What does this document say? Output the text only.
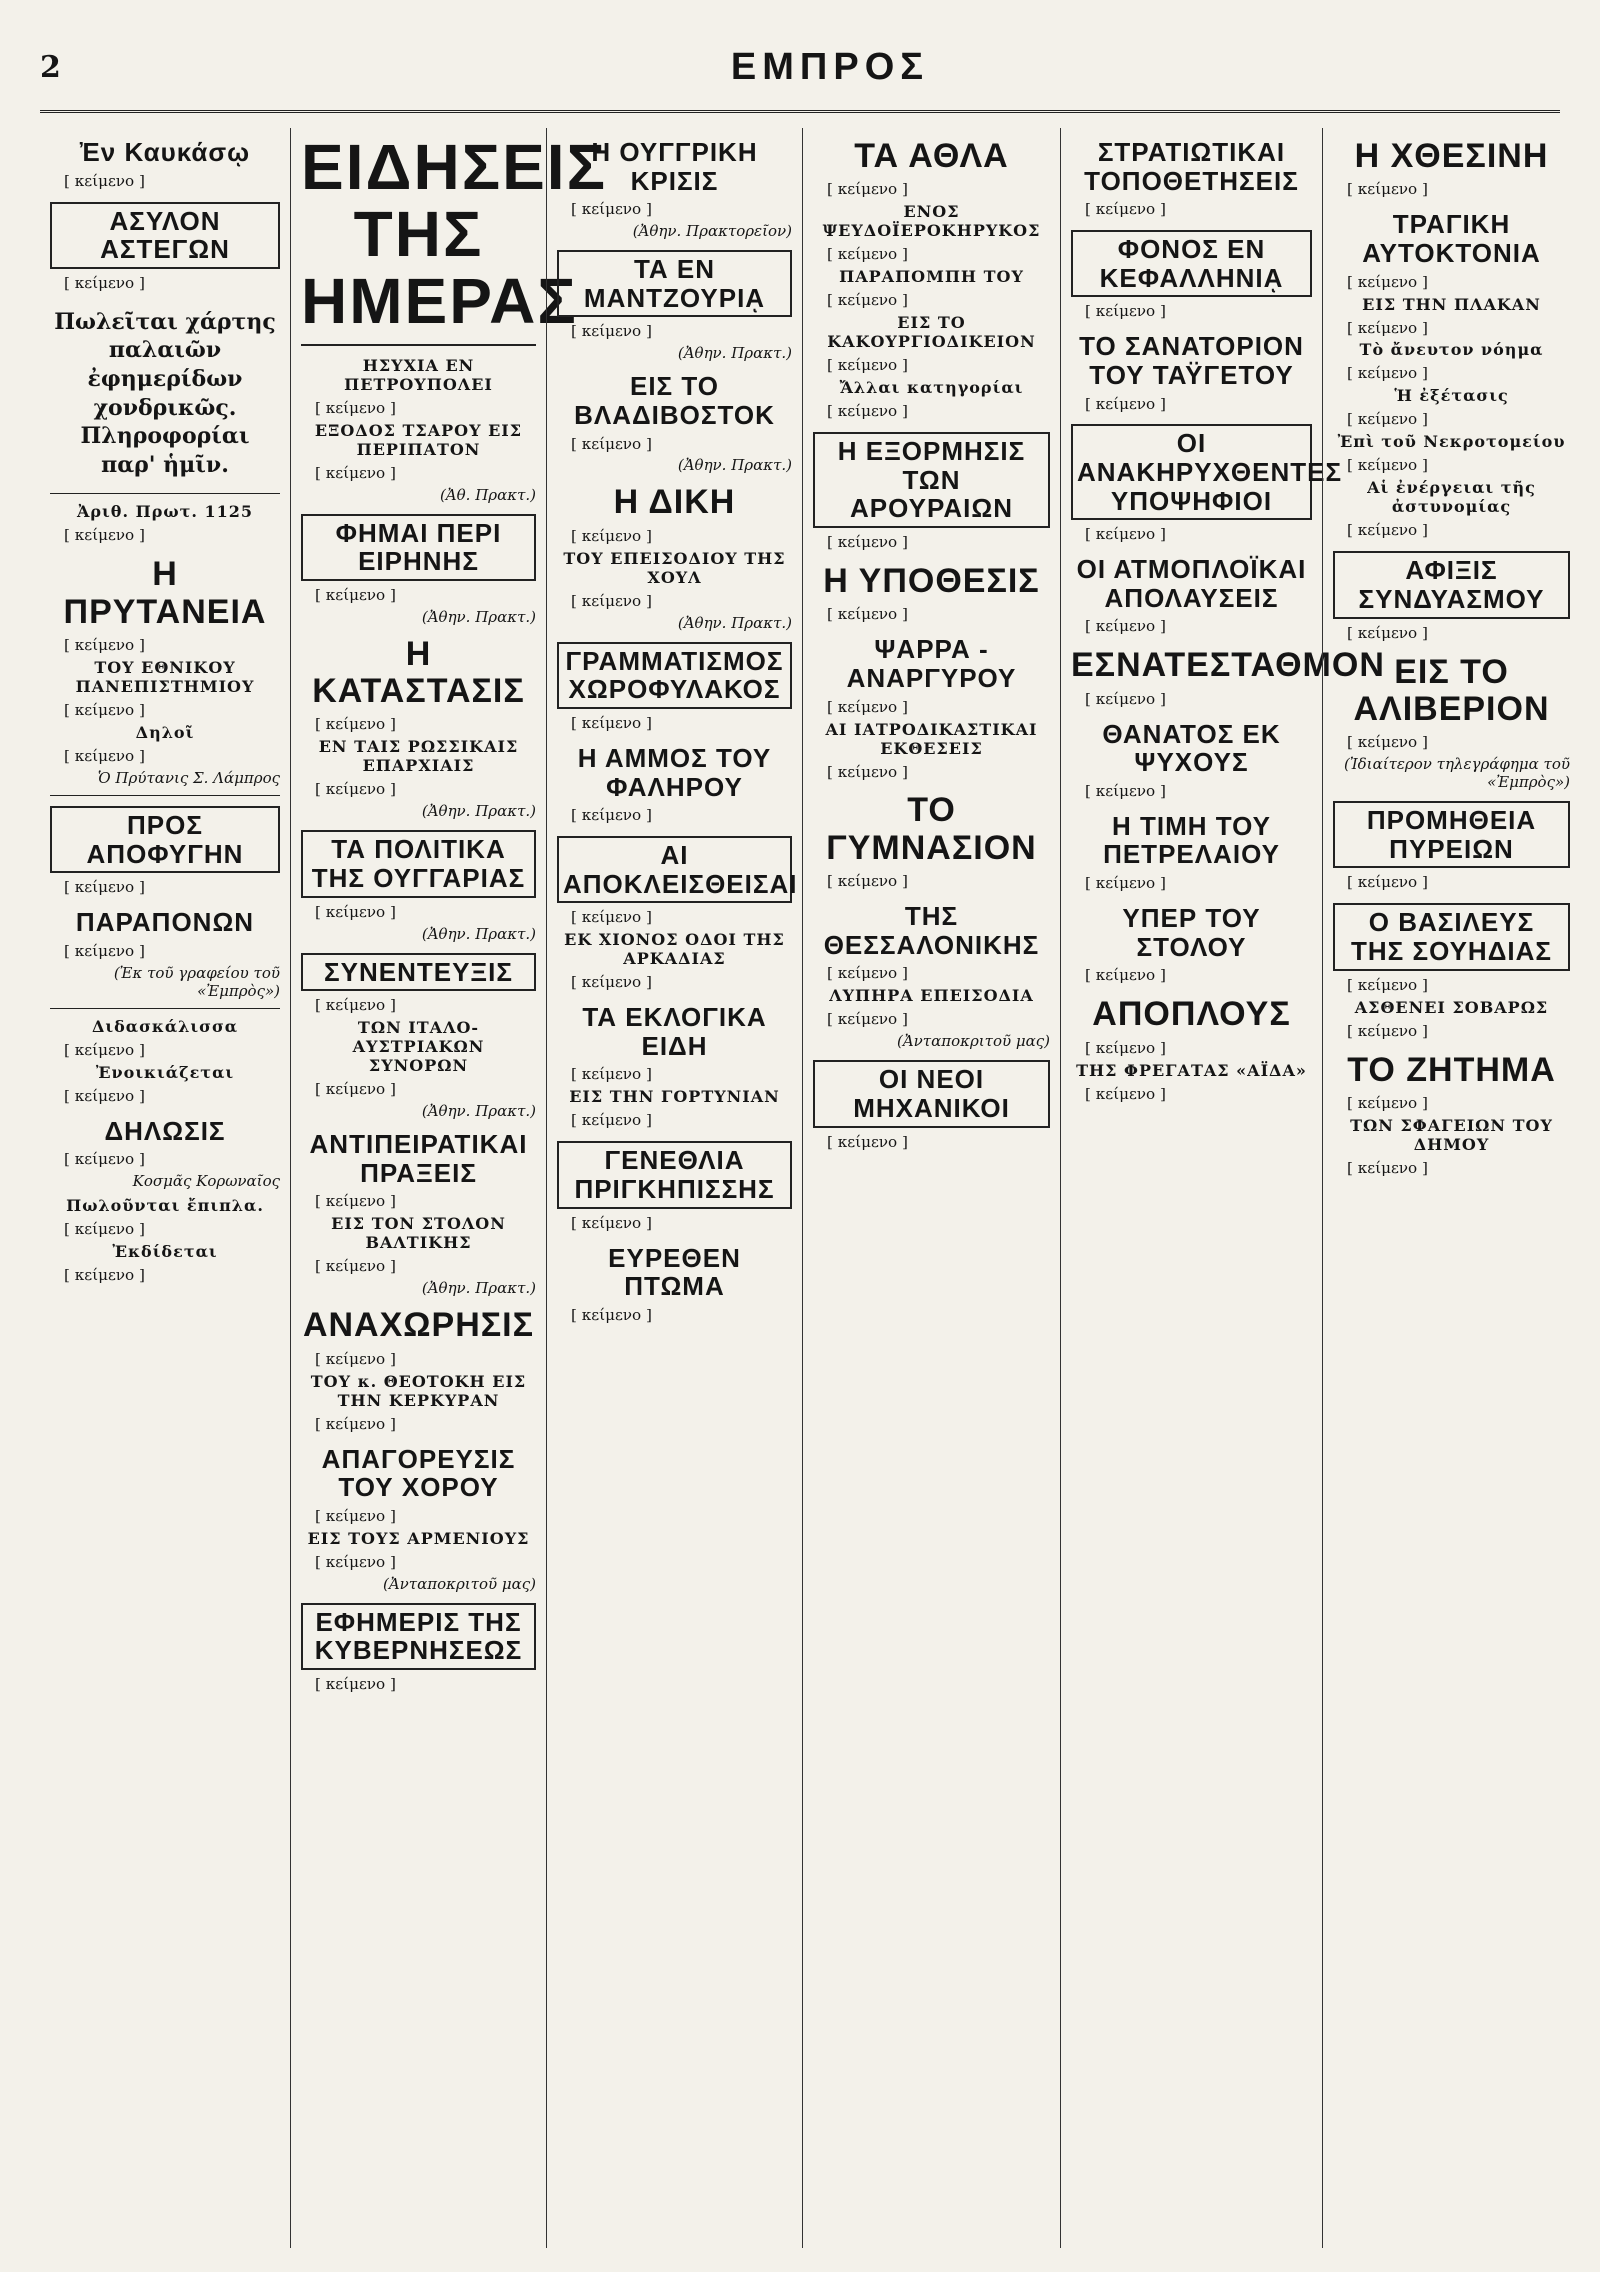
2	ΕΜΠΡΟΣ
Ἐν Καυκάσῳ
[ κείμενο ]
ΑΣΥΛΟΝ ΑΣΤΕΓΩΝ
[ κείμενο ]
Πωλεῖται χάρτης παλαιῶν ἐφημερίδων χονδρικῶς. Πληροφορίαι παρ' ἡμῖν.
Ἀριθ. Πρωτ. 1125
[ κείμενο ]
Η ΠΡΥΤΑΝΕΙΑ
[ κείμενο ]
ΤΟΥ ΕΘΝΙΚΟΥ ΠΑΝΕΠΙΣΤΗΜΙΟΥ
[ κείμενο ]
Δηλοῖ
[ κείμενο ]
Ὁ Πρύτανις Σ. Λάμπρος
ΠΡΟΣ ΑΠΟΦΥΓΗΝ
[ κείμενο ]
ΠΑΡΑΠΟΝΩΝ
[ κείμενο ]
(Ἐκ τοῦ γραφείου τοῦ «Ἐμπρὸς»)
Διδασκάλισσα
[ κείμενο ]
Ἐνοικιάζεται
[ κείμενο ]
ΔΗΛΩΣΙΣ
[ κείμενο ]
Κοσμᾶς Κορωναῖος
Πωλοῦνται ἔπιπλα.
[ κείμενο ]
Ἐκδίδεται
[ κείμενο ]
ΕΙΔΗΣΕΙΣ ΤΗΣ ΗΜΕΡΑΣ
ΗΣΥΧΙΑ ΕΝ ΠΕΤΡΟΥΠΟΛΕΙ
[ κείμενο ]
ΕΞΟΔΟΣ ΤΣΑΡΟΥ ΕΙΣ ΠΕΡΙΠΑΤΟΝ
[ κείμενο ]
(Ἀθ. Πρακτ.)
ΦΗΜΑΙ ΠΕΡΙ ΕΙΡΗΝΗΣ
[ κείμενο ]
(Ἀθην. Πρακτ.)
Η ΚΑΤΑΣΤΑΣΙΣ
[ κείμενο ]
ΕΝ ΤΑΙΣ ΡΩΣΣΙΚΑΙΣ ΕΠΑΡΧΙΑΙΣ
[ κείμενο ]
(Ἀθην. Πρακτ.)
ΤΑ ΠΟΛΙΤΙΚΑ ΤΗΣ ΟΥΓΓΑΡΙΑΣ
[ κείμενο ]
(Ἀθην. Πρακτ.)
ΣΥΝΕΝΤΕΥΞΙΣ
[ κείμενο ]
ΤΩΝ ΙΤΑΛΟ-ΑΥΣΤΡΙΑΚΩΝ ΣΥΝΟΡΩΝ
[ κείμενο ]
(Ἀθην. Πρακτ.)
ΑΝΤΙΠΕΙΡΑΤΙΚΑΙ ΠΡΑΞΕΙΣ
[ κείμενο ]
ΕΙΣ ΤΟΝ ΣΤΟΛΟΝ ΒΑΛΤΙΚΗΣ
[ κείμενο ]
(Ἀθην. Πρακτ.)
ΑΝΑΧΩΡΗΣΙΣ
[ κείμενο ]
ΤΟΥ κ. ΘΕΟΤΟΚΗ ΕΙΣ ΤΗΝ ΚΕΡΚΥΡΑΝ
[ κείμενο ]
ΑΠΑΓΟΡΕΥΣΙΣ ΤΟΥ ΧΟΡΟΥ
[ κείμενο ]
ΕΙΣ ΤΟΥΣ ΑΡΜΕΝΙΟΥΣ
[ κείμενο ]
(Ἀνταποκριτοῦ μας)
ΕΦΗΜΕΡΙΣ ΤΗΣ ΚΥΒΕΡΝΗΣΕΩΣ
[ κείμενο ]
Η ΟΥΓΓΡΙΚΗ ΚΡΙΣΙΣ
[ κείμενο ]
(Ἀθην. Πρακτορεῖον)
ΤΑ ΕΝ ΜΑΝΤΖΟΥΡΙᾼ
[ κείμενο ]
(Ἀθην. Πρακτ.)
ΕΙΣ ΤΟ ΒΛΑΔΙΒΟΣΤΟΚ
[ κείμενο ]
(Ἀθην. Πρακτ.)
Η ΔΙΚΗ
[ κείμενο ]
ΤΟΥ ΕΠΕΙΣΟΔΙΟΥ ΤΗΣ ΧΟΥΛ
[ κείμενο ]
(Ἀθην. Πρακτ.)
ΓΡΑΜΜΑΤΙΣΜΟΣ ΧΩΡΟΦΥΛΑΚΟΣ
[ κείμενο ]
Η ΑΜΜΟΣ ΤΟΥ ΦΑΛΗΡΟΥ
[ κείμενο ]
ΑΙ ΑΠΟΚΛΕΙΣΘΕΙΣΑΙ
[ κείμενο ]
ΕΚ ΧΙΟΝΟΣ ΟΔΟΙ ΤΗΣ ΑΡΚΑΔΙΑΣ
[ κείμενο ]
ΤΑ ΕΚΛΟΓΙΚΑ ΕΙΔΗ
[ κείμενο ]
ΕΙΣ ΤΗΝ ΓΟΡΤΥΝΙΑΝ
[ κείμενο ]
ΓΕΝΕΘΛΙΑ ΠΡΙΓΚΗΠΙΣΣΗΣ
[ κείμενο ]
ΕΥΡΕΘΕΝ ΠΤΩΜΑ
[ κείμενο ]
ΤΑ ΑΘΛΑ
[ κείμενο ]
ΕΝΟΣ ΨΕΥΔΟΪΕΡΟΚΗΡΥΚΟΣ
[ κείμενο ]
ΠΑΡΑΠΟΜΠΗ ΤΟΥ
[ κείμενο ]
ΕΙΣ ΤΟ ΚΑΚΟΥΡΓΙΟΔΙΚΕΙΟΝ
[ κείμενο ]
Ἄλλαι κατηγορίαι
[ κείμενο ]
Η ΕΞΟΡΜΗΣΙΣ ΤΩΝ ΑΡΟΥΡΑΙΩΝ
[ κείμενο ]
Η ΥΠΟΘΕΣΙΣ
[ κείμενο ]
ΨΑΡΡΑ - ΑΝΑΡΓΥΡΟΥ
[ κείμενο ]
ΑΙ ΙΑΤΡΟΔΙΚΑΣΤΙΚΑΙ ΕΚΘΕΣΕΙΣ
[ κείμενο ]
ΤΟ ΓΥΜΝΑΣΙΟΝ
[ κείμενο ]
ΤΗΣ ΘΕΣΣΑΛΟΝΙΚΗΣ
[ κείμενο ]
ΛΥΠΗΡΑ ΕΠΕΙΣΟΔΙΑ
[ κείμενο ]
(Ἀνταποκριτοῦ μας)
ΟΙ ΝΕΟΙ ΜΗΧΑΝΙΚΟΙ
[ κείμενο ]
ΣΤΡΑΤΙΩΤΙΚΑΙ ΤΟΠΟΘΕΤΗΣΕΙΣ
[ κείμενο ]
ΦΟΝΟΣ ΕΝ ΚΕΦΑΛΛΗΝΙᾼ
[ κείμενο ]
ΤΟ ΣΑΝΑΤΟΡΙΟΝ ΤΟΥ ΤΑΫΓΕΤΟΥ
[ κείμενο ]
ΟΙ ΑΝΑΚΗΡΥΧΘΕΝΤΕΣ ΥΠΟΨΗΦΙΟΙ
[ κείμενο ]
ΟΙ ΑΤΜΟΠΛΟΪΚΑΙ ΑΠΟΛΑΥΣΕΙΣ
[ κείμενο ]
ΕΣΝΑΤΕΣΤΑΘΜΟΝ
[ κείμενο ]
ΘΑΝΑΤΟΣ ΕΚ ΨΥΧΟΥΣ
[ κείμενο ]
Η ΤΙΜΗ ΤΟΥ ΠΕΤΡΕΛΑΙΟΥ
[ κείμενο ]
ΥΠΕΡ ΤΟΥ ΣΤΟΛΟΥ
[ κείμενο ]
ΑΠΟΠΛΟΥΣ
[ κείμενο ]
ΤΗΣ ΦΡΕΓΑΤΑΣ «ΑΪΔΑ»
[ κείμενο ]
Η ΧΘΕΣΙΝΗ
[ κείμενο ]
ΤΡΑΓΙΚΗ ΑΥΤΟΚΤΟΝΙΑ
[ κείμενο ]
ΕΙΣ ΤΗΝ ΠΛΑΚΑΝ
[ κείμενο ]
Τὸ ἄνευτον νόημα
[ κείμενο ]
Ἡ ἐξέτασις
[ κείμενο ]
Ἐπὶ τοῦ Νεκροτομείου
[ κείμενο ]
Αἱ ἐνέργειαι τῆς ἀστυνομίας
[ κείμενο ]
ΑΦΙΞΙΣ ΣΥΝΔΥΑΣΜΟΥ
[ κείμενο ]
ΕΙΣ ΤΟ ΑΛΙΒΕΡΙΟΝ
[ κείμενο ]
(Ἰδιαίτερον τηλεγράφημα τοῦ «Ἐμπρὸς»)
ΠΡΟΜΗΘΕΙΑ ΠΥΡΕΙΩΝ
[ κείμενο ]
Ο ΒΑΣΙΛΕΥΣ ΤΗΣ ΣΟΥΗΔΙΑΣ
[ κείμενο ]
ΑΣΘΕΝΕΙ ΣΟΒΑΡΩΣ
[ κείμενο ]
ΤΟ ΖΗΤΗΜΑ
[ κείμενο ]
ΤΩΝ ΣΦΑΓΕΙΩΝ ΤΟΥ ΔΗΜΟΥ
[ κείμενο ]
